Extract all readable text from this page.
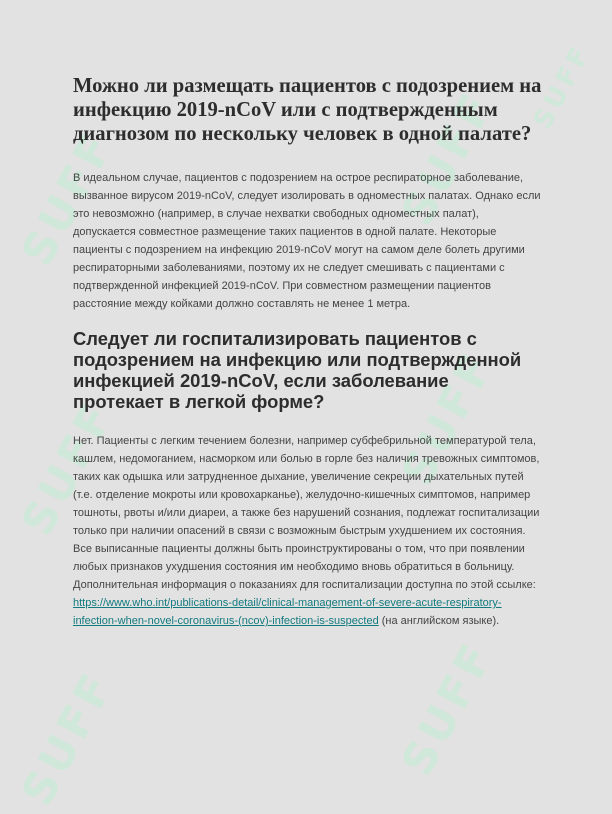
SUFF
SUFF
SUFF
SUFF
SUFF
SUFF
SUFF
Можно ли размещать пациентов с подозрением на инфекцию 2019-nCoV или с подтвержденным диагнозом по нескольку человек в одной палате?

В идеальном случае, пациентов с подозрением на острое респираторное заболевание, вызванное вирусом 2019-nCoV, следует изолировать в одноместных палатах. Однако если это невозможно (например, в случае нехватки свободных одноместных палат), допускается совместное размещение таких пациентов в одной палате. Некоторые пациенты с подозрением на инфекцию 2019-nCoV могут на самом деле болеть другими респираторными заболеваниями, поэтому их не следует смешивать с пациентами с подтвержденной инфекцией 2019-nCoV. При совместном размещении пациентов расстояние между койками должно составлять не менее 1 метра.

Следует ли госпитализировать пациентов с подозрением на инфекцию или подтвержденной инфекцией 2019-nCoV, если заболевание протекает в легкой форме?

Нет. Пациенты с легким течением болезни, например субфебрильной температурой тела, кашлем, недомоганием, насморком или болью в горле без наличия тревожных симптомов, таких как одышка или затрудненное дыхание, увеличение секреции дыхательных путей (т.е. отделение мокроты или кровохарканье), желудочно-кишечных симптомов, например тошноты, рвоты и/или диареи, а также без нарушений сознания, подлежат госпитализации только при наличии опасений в связи с возможным быстрым ухудшением их состояния. Все выписанные пациенты должны быть проинструктированы о том, что при появлении любых признаков ухудшения состояния им необходимо вновь обратиться в больницу. Дополнительная информация о показаниях для госпитализации доступна по этой ссылке: https://www.who.int/publications-detail/clinical-management-of-severe-acute-respiratory-infection-when-novel-coronavirus-(ncov)-infection-is-suspected (на английском языке).
